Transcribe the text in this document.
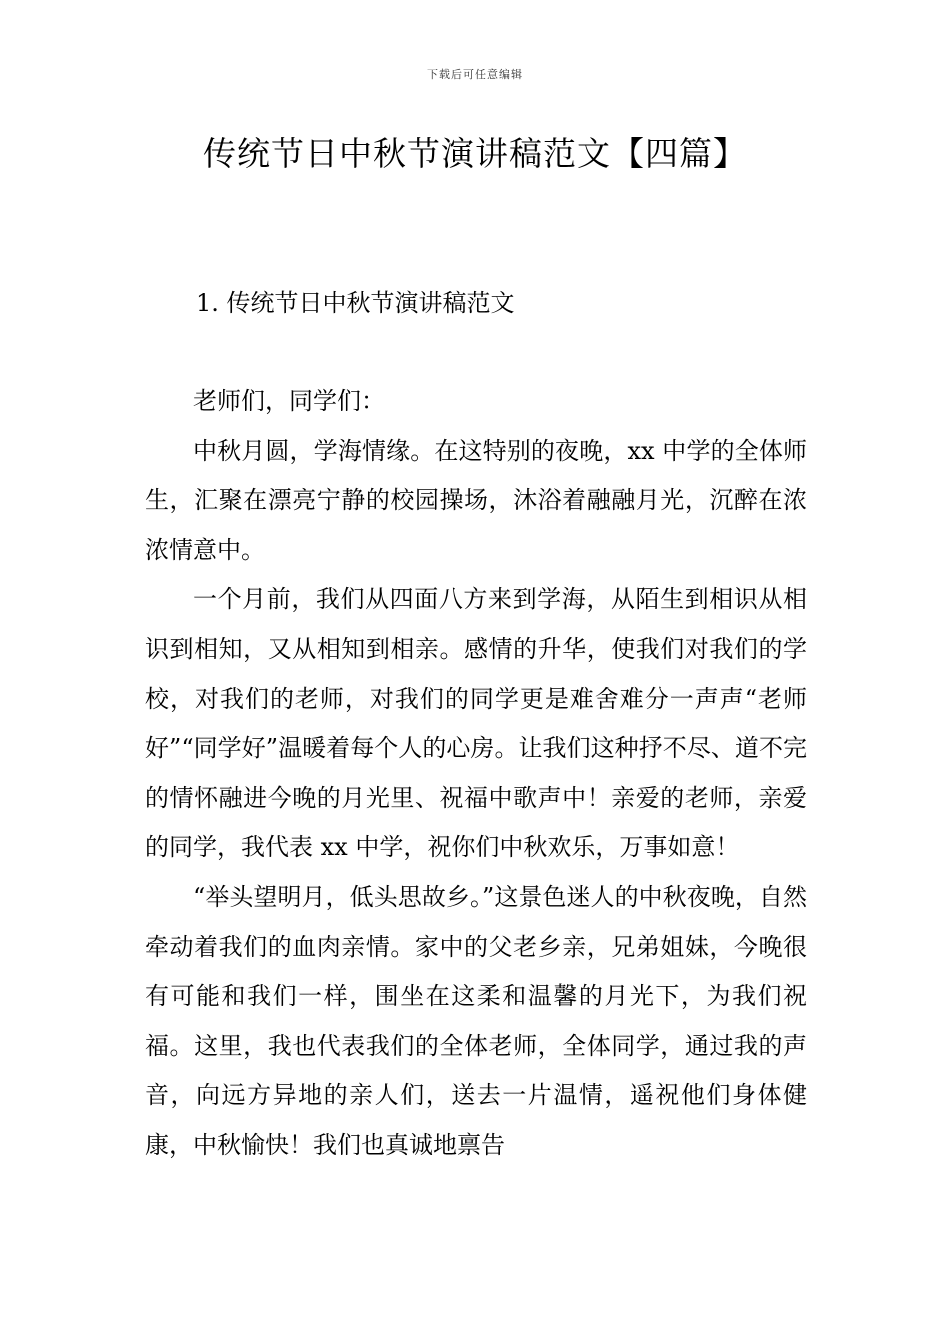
下载后可任意编辑
传统节日中秋节演讲稿范文【四篇】
1. 传统节日中秋节演讲稿范文

老师们，同学们：

中秋月圆，学海情缘。在这特别的夜晚，xx 中学的全体师生，汇聚在漂亮宁静的校园操场，沐浴着融融月光，沉醉在浓浓情意中。

一个月前，我们从四面八方来到学海，从陌生到相识从相识到相知，又从相知到相亲。感情的升华，使我们对我们的学校，对我们的老师，对我们的同学更是难舍难分一声声“老师好”“同学好”温暖着每个人的心房。让我们这种抒不尽、道不完的情怀融进今晚的月光里、祝福中歌声中！亲爱的老师，亲爱的同学，我代表 xx 中学，祝你们中秋欢乐，万事如意！

“举头望明月，低头思故乡。”这景色迷人的中秋夜晚，自然牵动着我们的血肉亲情。家中的父老乡亲，兄弟姐妹，今晚很有可能和我们一样，围坐在这柔和温馨的月光下，为我们祝福。这里，我也代表我们的全体老师，全体同学，通过我的声音，向远方异地的亲人们，送去一片温情，遥祝他们身体健康，中秋愉快！我们也真诚地禀告
